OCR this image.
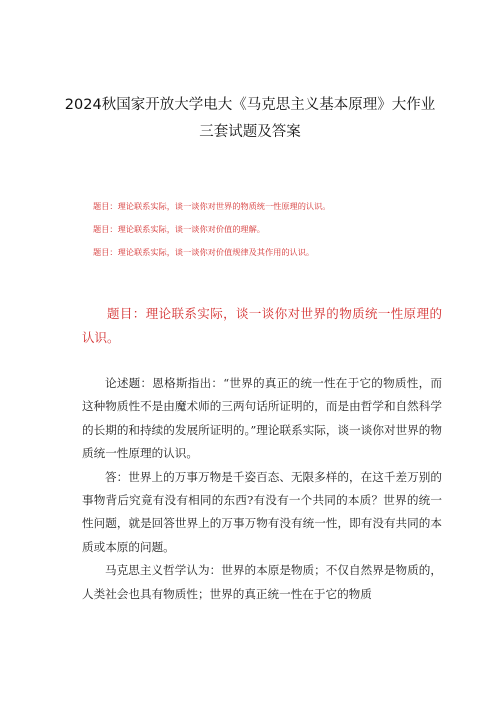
2024秋国家开放大学电大《马克思主义基本原理》大作业三套试题及答案
题目：理论联系实际，谈一谈你对世界的物质统一性原理的认识。
题目：理论联系实际，谈一谈你对价值的理解。
题目：理论联系实际，谈一谈你对价值规律及其作用的认识。
题目：理论联系实际，谈一谈你对世界的物质统一性原理的认识。

论述题：恩格斯指出：“世界的真正的统一性在于它的物质性，而这种物质性不是由魔术师的三两句话所证明的，而是由哲学和自然科学的长期的和持续的发展所证明的。”理论联系实际，谈一谈你对世界的物质统一性原理的认识。

答：世界上的万事万物是千姿百态、无限多样的，在这千差万别的事物背后究竟有没有相同的东西?有没有一个共同的本质？世界的统一性问题，就是回答世界上的万事万物有没有统一性，即有没有共同的本质或本原的问题。

马克思主义哲学认为：世界的本原是物质；不仅自然界是物质的，人类社会也具有物质性；世界的真正统一性在于它的物质
